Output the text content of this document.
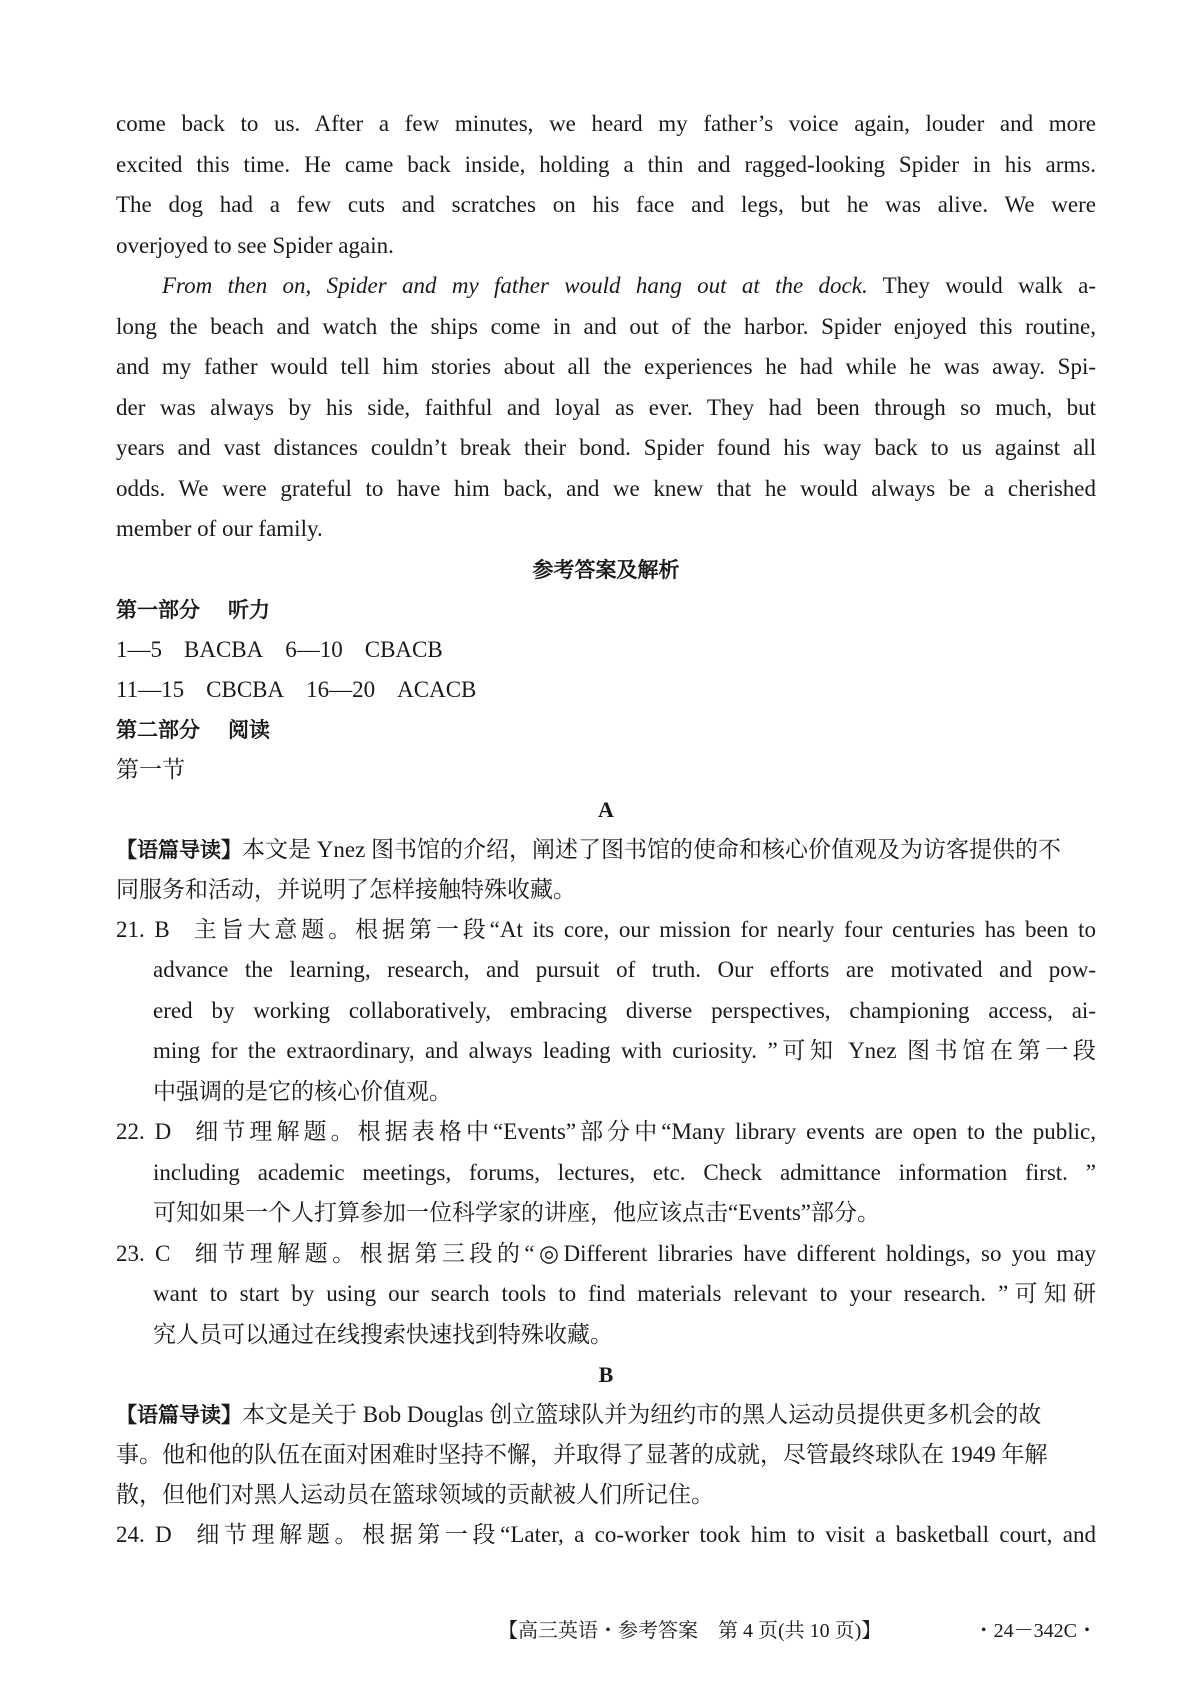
come back to us. After a few minutes, we heard my father’s voice again, louder and more

excited this time. He came back inside, holding a thin and ragged-looking Spider in his arms.

The dog had a few cuts and scratches on his face and legs, but he was alive. We were

overjoyed to see Spider again.

From then on, Spider and my father would hang out at the dock. They would walk a-

long the beach and watch the ships come in and out of the harbor. Spider enjoyed this routine,

and my father would tell him stories about all the experiences he had while he was away. Spi-

der was always by his side, faithful and loyal as ever. They had been through so much, but

years and vast distances couldn’t break their bond. Spider found his way back to us against all

odds. We were grateful to have him back, and we knew that he would always be a cherished

member of our family.

参考答案及解析

第一部分 听力

1—5 BACBA 6—10 CBACB

11—15 CBCBA 16—20 ACACB

第二部分 阅读

第一节

A

【语篇导读】本文是 Ynez 图书馆的介绍，阐述了图书馆的使命和核心价值观及为访客提供的不

同服务和活动，并说明了怎样接触特殊收藏。

21. B 主旨大意题。根据第一段“At its core, our mission for nearly four centuries has been to

advance the learning, research, and pursuit of truth. Our efforts are motivated and pow-

ered by working collaboratively, embracing diverse perspectives, championing access, ai-

ming for the extraordinary, and always leading with curiosity. ”可知 Ynez 图书馆在第一段

中强调的是它的核心价值观。

22. D 细节理解题。根据表格中“Events”部分中“Many library events are open to the public,

including academic meetings, forums, lectures, etc. Check admittance information first. ”

可知如果一个人打算参加一位科学家的讲座，他应该点击“Events”部分。

23. C 细节理解题。根据第三段的“◎Different libraries have different holdings, so you may

want to start by using our search tools to find materials relevant to your research. ”可知研

究人员可以通过在线搜索快速找到特殊收藏。

B

【语篇导读】本文是关于 Bob Douglas 创立篮球队并为纽约市的黑人运动员提供更多机会的故

事。他和他的队伍在面对困难时坚持不懈，并取得了显著的成就，尽管最终球队在 1949 年解

散，但他们对黑人运动员在篮球领域的贡献被人们所记住。

24. D 细节理解题。根据第一段“Later, a co-worker took him to visit a basketball court, and

【高三英语・参考答案　第 4 页(共 10 页)】	・24－342C・
